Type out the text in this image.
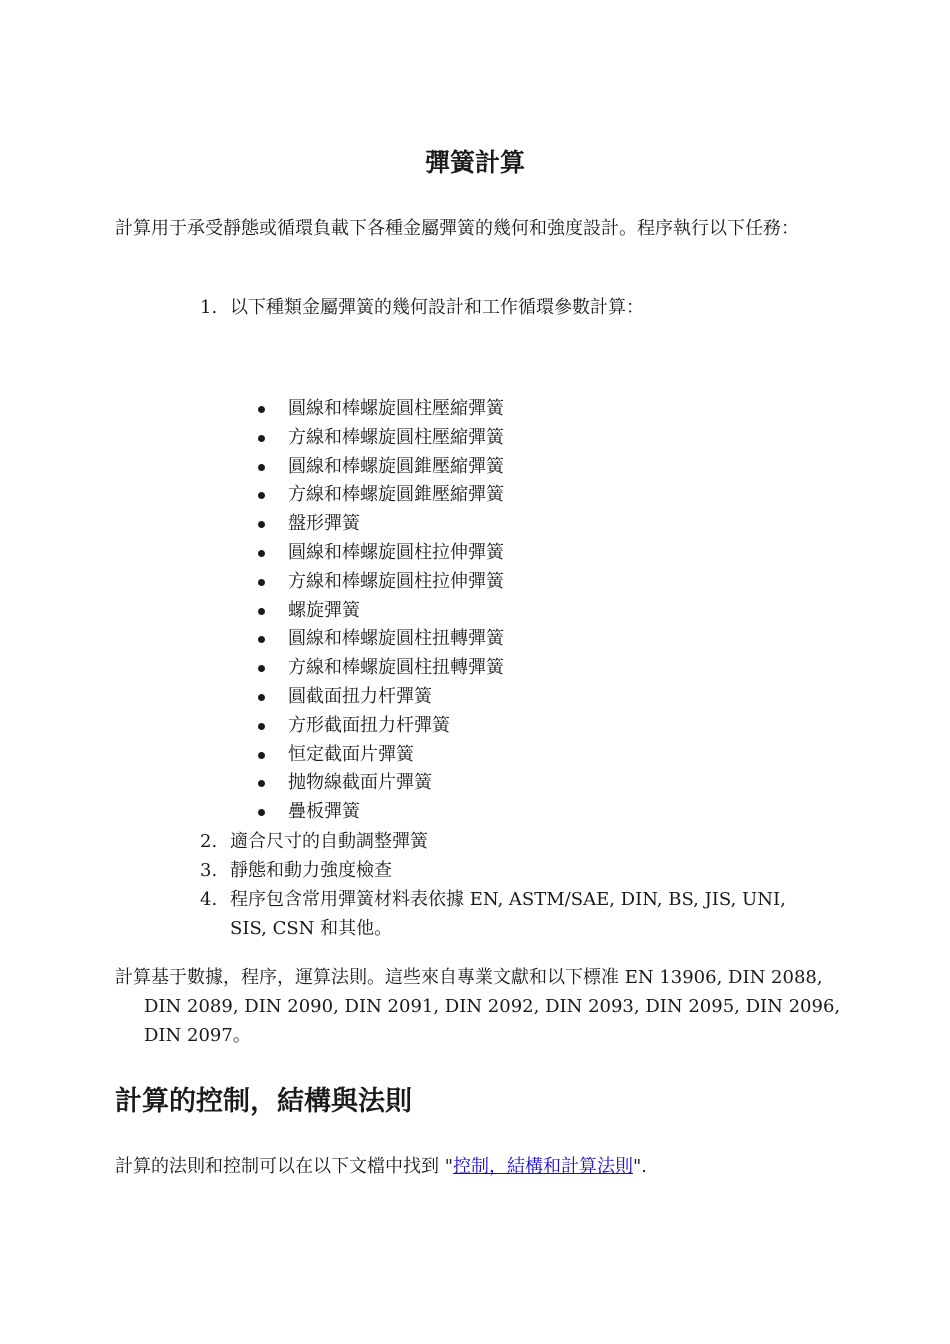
彈簧計算

計算用于承受靜態或循環負載下各種金屬彈簧的幾何和強度設計。程序執行以下任務：

1. 以下種類金屬彈簧的幾何設計和工作循環參數計算：
圓線和棒螺旋圓柱壓縮彈簧
方線和棒螺旋圓柱壓縮彈簧
圓線和棒螺旋圓錐壓縮彈簧
方線和棒螺旋圓錐壓縮彈簧
盤形彈簧
圓線和棒螺旋圓柱拉伸彈簧
方線和棒螺旋圓柱拉伸彈簧
螺旋彈簧
圓線和棒螺旋圓柱扭轉彈簧
方線和棒螺旋圓柱扭轉彈簧
圓截面扭力杆彈簧
方形截面扭力杆彈簧
恒定截面片彈簧
抛物線截面片彈簧
疊板彈簧
2. 適合尺寸的自動調整彈簧
3. 靜態和動力強度檢查
4. 程序包含常用彈簧材料表依據 EN, ASTM/SAE, DIN, BS, JIS, UNI, SIS, CSN 和其他。

計算基于數據，程序，運算法則。這些來自專業文獻和以下標准 EN 13906, DIN 2088, DIN 2089, DIN 2090, DIN 2091, DIN 2092, DIN 2093, DIN 2095, DIN 2096, DIN 2097。

計算的控制，結構與法則

計算的法則和控制可以在以下文檔中找到 "控制，結構和計算法則".
